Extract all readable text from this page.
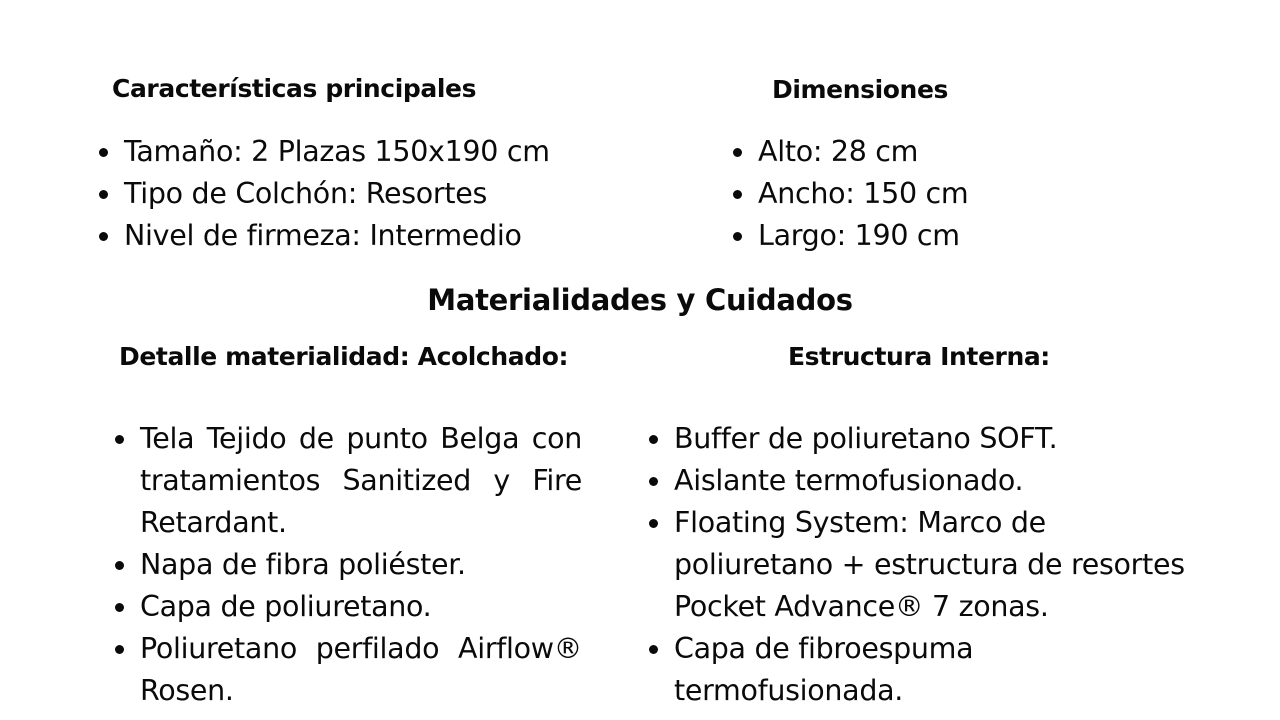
Características principales
Tamaño: 2 Plazas 150x190 cm
Tipo de Colchón: Resortes
Nivel de firmeza: Intermedio
Dimensiones
Alto: 28 cm
Ancho: 150 cm
Largo: 190 cm
Materialidades y Cuidados
Detalle materialidad: Acolchado:
Tela Tejido de punto Belga con tratamientos Sanitized y Fire Retardant.
Napa de fibra poliéster.
Capa de poliuretano.
Poliuretano perfilado Airflow® Rosen.
Estructura Interna:
Buffer de poliuretano SOFT.
Aislante termofusionado.
Floating System: Marco de poliuretano + estructura de resortes Pocket Advance® 7 zonas.
Capa de fibroespuma termofusionada.
